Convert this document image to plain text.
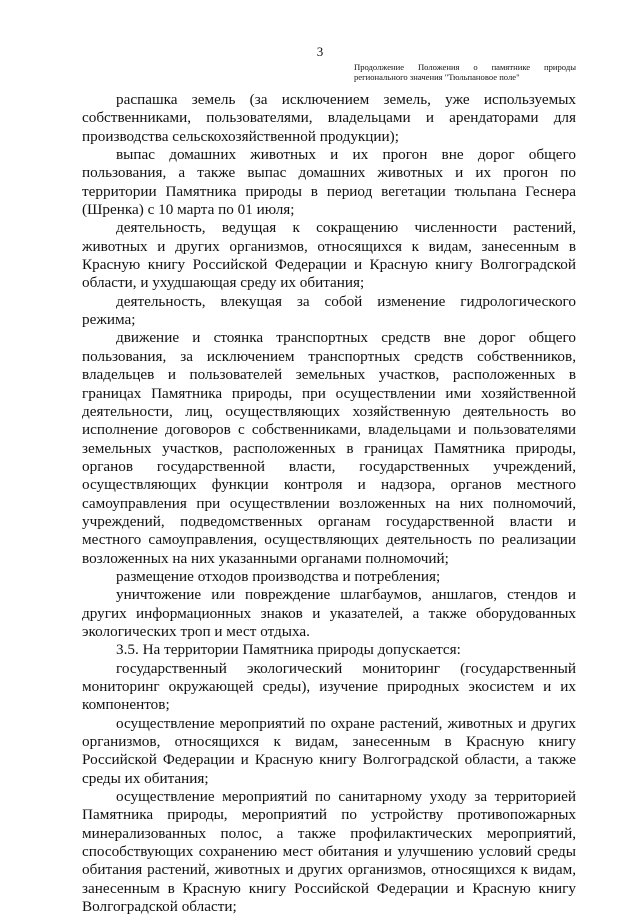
3
Продолжение Положения о памятнике природы регионального значения "Тюльпановое поле"

распашка земель (за исключением земель, уже используемых собственниками, пользователями, владельцами и арендаторами для производства сельскохозяйственной продукции);

выпас домашних животных и их прогон вне дорог общего пользования, а также выпас домашних животных и их прогон по территории Памятника природы в период вегетации тюльпана Геснера (Шренка) с 10 марта по 01 июля;

деятельность, ведущая к сокращению численности растений, животных и других организмов, относящихся к видам, занесенным в Красную книгу Российской Федерации и Красную книгу Волгоградской области, и ухудшающая среду их обитания;

деятельность, влекущая за собой изменение гидрологического режима;

движение и стоянка транспортных средств вне дорог общего пользования, за исключением транспортных средств собственников, владельцев и пользователей земельных участков, расположенных в границах Памятника природы, при осуществлении ими хозяйственной деятельности, лиц, осуществляющих хозяйственную деятельность во исполнение договоров с собственниками, владельцами и пользователями земельных участков, расположенных в границах Памятника природы, органов государственной власти, государственных учреждений, осуществляющих функции контроля и надзора, органов местного самоуправления при осуществлении возложенных на них полномочий, учреждений, подведомственных органам государственной власти и местного самоуправления, осуществляющих деятельность по реализации возложенных на них указанными органами полномочий;

размещение отходов производства и потребления;

уничтожение или повреждение шлагбаумов, аншлагов, стендов и других информационных знаков и указателей, а также оборудованных экологических троп и мест отдыха.

3.5. На территории Памятника природы допускается:

государственный экологический мониторинг (государственный мониторинг окружающей среды), изучение природных экосистем и их компонентов;

осуществление мероприятий по охране растений, животных и других организмов, относящихся к видам, занесенным в Красную книгу Российской Федерации и Красную книгу Волгоградской области, а также среды их обитания;

осуществление мероприятий по санитарному уходу за территорией Памятника природы, мероприятий по устройству противопожарных минерализованных полос, а также профилактических мероприятий, способствующих сохранению мест обитания и улучшению условий среды обитания растений, животных и других организмов, относящихся к видам, занесенным в Красную книгу Российской Федерации и Красную книгу Волгоградской области;
